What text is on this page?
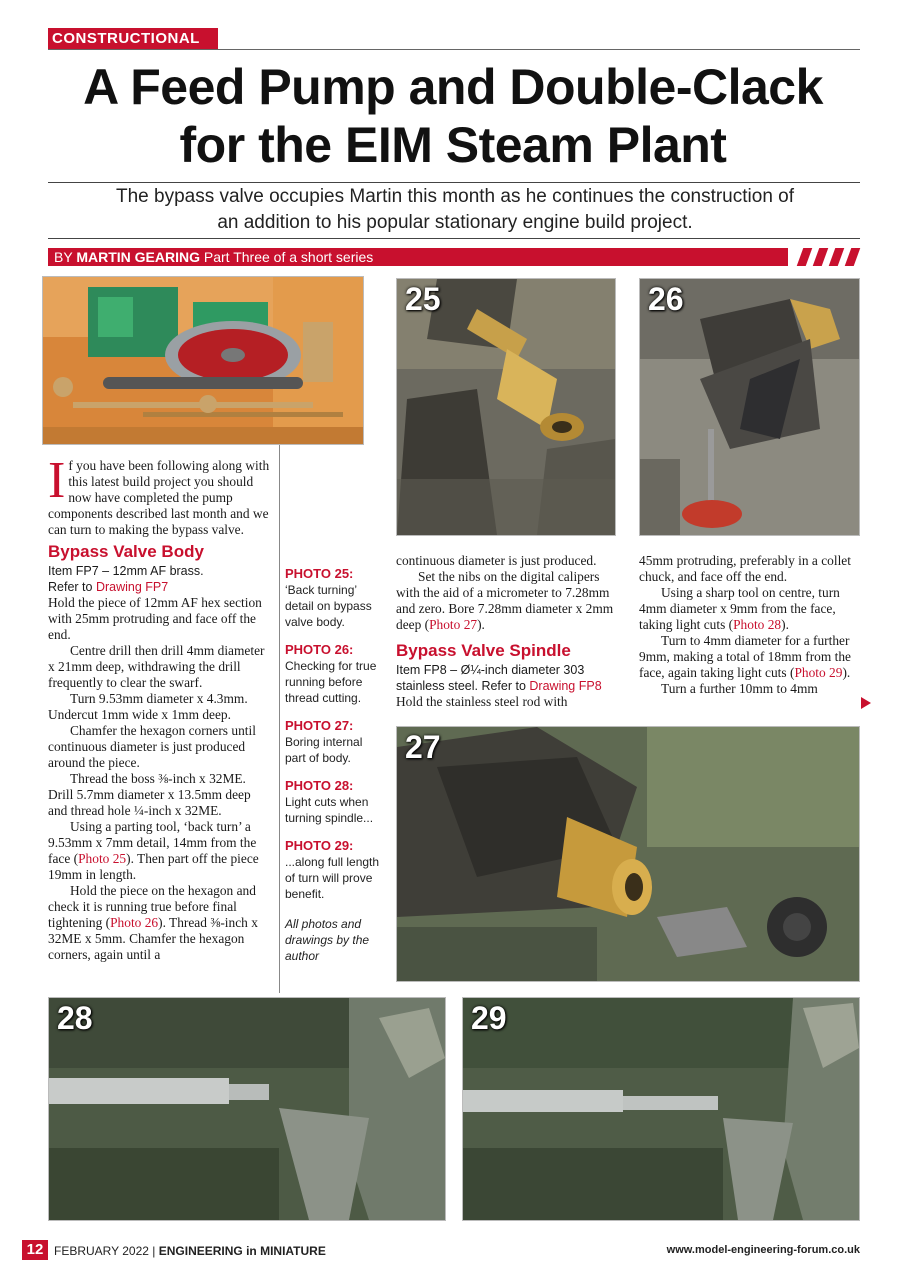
CONSTRUCTIONAL
A Feed Pump and Double-Clack
for the EIM Steam Plant
The bypass valve occupies Martin this month as he continues the construction of
an addition to his popular stationary engine build project.
BY MARTIN GEARING Part Three of a short series
25	26
27
28	29

If you have been following along with this latest build project you should now have completed the pump components described last month and we can turn to making the bypass valve.

Bypass Valve Body

Item FP7 – 12mm AF brass.

Refer to Drawing FP7

Hold the piece of 12mm AF hex section with 25mm protruding and face off the end.

Centre drill then drill 4mm diameter x 21mm deep, withdrawing the drill frequently to clear the swarf.

Turn 9.53mm diameter x 4.3mm. Undercut 1mm wide x 1mm deep.

Chamfer the hexagon corners until continuous diameter is just produced around the piece.

Thread the boss ⅜-inch x 32ME. Drill 5.7mm diameter x 13.5mm deep and thread hole ¼-inch x 32ME.

Using a parting tool, ‘back turn’ a 9.53mm x 7mm detail, 14mm from the face (Photo 25). Then part off the piece 19mm in length.

Hold the piece on the hexagon and check it is running true before final tightening (Photo 26). Thread ⅜-inch x 32ME x 5mm. Chamfer the hexagon corners, again until a

PHOTO 25:
‘Back turning’ detail on bypass valve body.
PHOTO 26:
Checking for true running before thread cutting.
PHOTO 27:
Boring internal part of body.
PHOTO 28:
Light cuts when turning spindle...
PHOTO 29:
...along full length of turn will prove benefit.
All photos and drawings by the author

continuous diameter is just produced.

Set the nibs on the digital calipers with the aid of a micrometer to 7.28mm and zero. Bore 7.28mm diameter x 2mm deep (Photo 27).

Bypass Valve Spindle

Item FP8 – Ø¼-inch diameter 303 stainless steel. Refer to Drawing FP8

Hold the stainless steel rod with

45mm protruding, preferably in a collet chuck, and face off the end.

Using a sharp tool on centre, turn 4mm diameter x 9mm from the face, taking light cuts (Photo 28).

Turn to 4mm diameter for a further 9mm, making a total of 18mm from the face, again taking light cuts (Photo 29).

Turn a further 10mm to 4mm

12 FEBRUARY 2022 | ENGINEERING in MINIATURE	www.model-engineering-forum.co.uk
